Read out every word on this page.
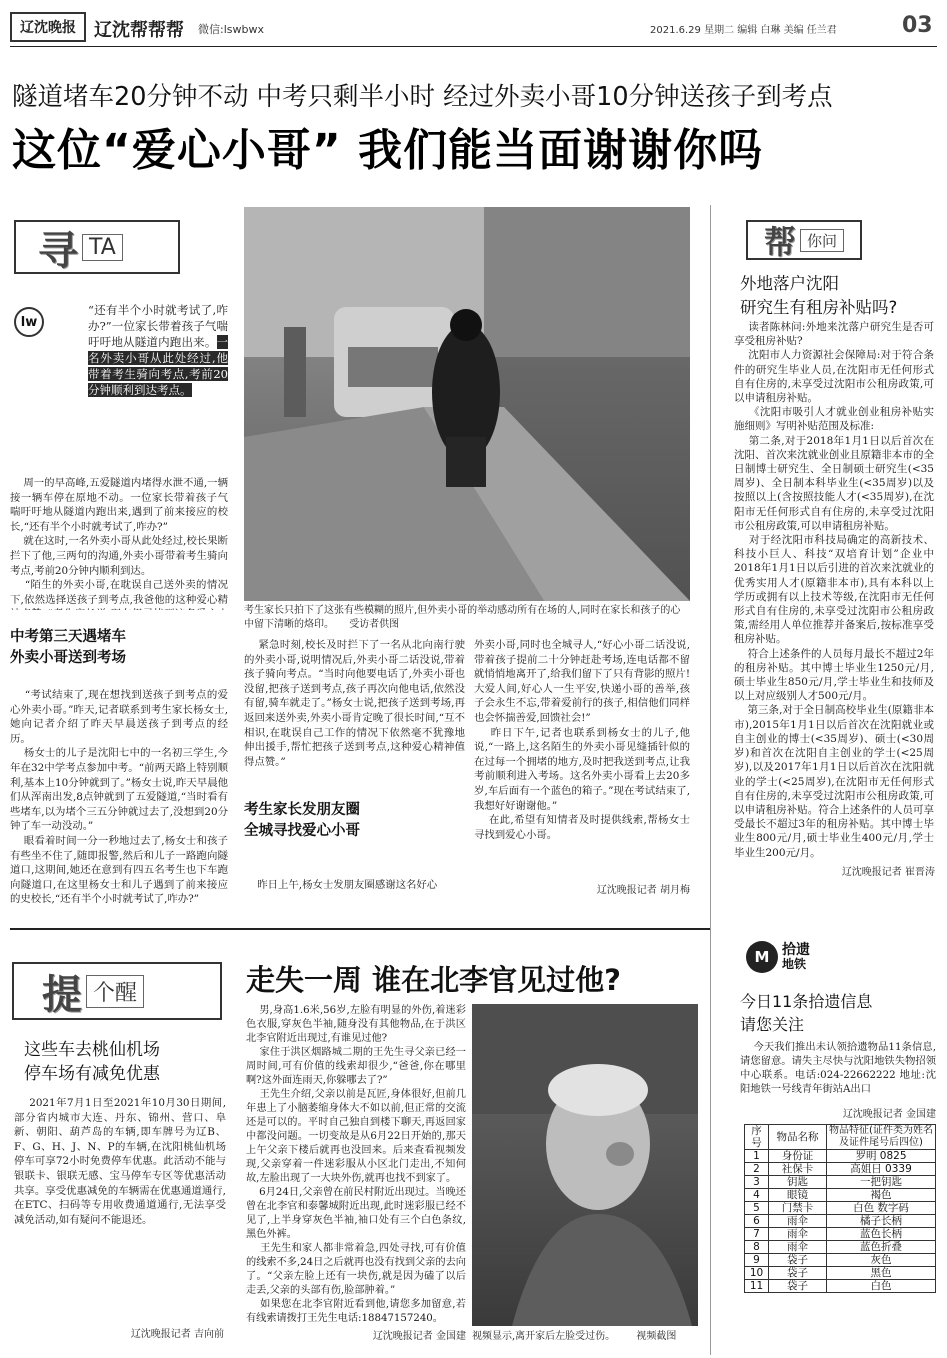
辽沈晚报 辽沈帮帮帮 微信:lswbwx	2021.6.29 星期二 编辑 白琳 美编 任兰君	03
隧道堵车20分钟不动 中考只剩半小时 经过外卖小哥10分钟送孩子到考点
这位“爱心小哥” 我们能当面谢谢你吗
寻 TA
lw
“还有半个小时就考试了,咋办?”一位家长带着孩子气喘吁吁地从隧道内跑出来。一名外卖小哥从此处经过,他带着考生骑向考点,考前20分钟顺利到达考点。
周一的早高峰,五爱隧道内堵得水泄不通,一辆接一辆车停在原地不动。一位家长带着孩子气喘吁吁地从隧道内跑出来,遇到了前来接应的校长,“还有半个小时就考试了,咋办?”
就在这时,一名外卖小哥从此处经过,校长果断拦下了他,三两句的沟通,外卖小哥带着考生骑向考点,考前20分钟内顺利到达。
“陌生的外卖小哥,在耽误自己送外卖的情况下,依然选择送孩子到考点,我爸他的这种爱心精
中考第三天遇堵车
外卖小哥送到考场
“考试结束了,现在想找到送孩子到考点的爱心外卖小哥。”昨天,记者联系到考生家长杨女士,她向记者介绍了昨天早晨送孩子到考点的经历。
杨女士的儿子是沈阳七中的一名初三学生,今年在32中学考点参加中考。“前两天路上特别顺利,基本上10分钟就到了。”杨女士说,昨天早晨他们从浑南出发,8点钟就到了五爱隧道,“当时看有些堵车,以为堵个三五分钟就过去了,没想到20分钟了车一动没动。”
眼看着时间一分一秒地过去了,杨女士和孩子有些坐不住了,随即报警,然后和儿子一路跑向隧道口,这期间,她还在意到有四五名考生也下车跑向隧道口,在这里杨女士和儿子遇到了前来接应的史校长,“还有半个小时就考试了,咋办?”
考生家长只拍下了这张有些模糊的照片,但外卖小哥的举动感动所有在场的人,同时在家长和孩子的心中留下清晰的烙印。 受访者供图
紧急时刻,校长及时拦下了一名从北向南行驶的外卖小哥,说明情况后,外卖小哥二话没说,带着孩子骑向考点。“当时向他要电话了,外卖小哥也没留,把孩子送到考点,孩子再次向他电话,依然没有留,骑车就走了。”杨女士说,把孩子送到考场,再返回来送外卖,外卖小哥肯定晚了很长时间,“互不相识,在耽误自己工作的情况下依然毫不犹豫地伸出援手,帮忙把孩子送到考点,这种爱心精神值得点赞。”
考生家长发朋友圈
全城寻找爱心小哥
昨日上午,杨女士发朋友圈感谢这名好心
外卖小哥,同时也全城寻人,“好心小哥二话没说,带着孩子提前二十分钟赶赴考场,连电话都不留就悄悄地离开了,给我们留下了只有背影的照片!大爱人间,好心人一生平安,快递小哥的善举,孩子会永生不忘,带着爱前行的孩子,相信他们同样也会怀揣善爱,回馈社会!”
昨日下午,记者也联系到杨女士的儿子,他说,“一路上,这名陌生的外卖小哥见缝插针似的在过每一个拥堵的地方,及时把我送到考点,让我考前顺利进入考场。这名外卖小哥看上去20多岁,车后面有一个蓝色的箱子。”现在考试结束了,我想好好谢谢他。”
在此,希望有知情者及时提供线索,帮杨女士寻找到爱心小哥。
辽沈晚报记者 胡月梅
帮 你问
外地落户沈阳
研究生有租房补贴吗?
读者陈林问:外地来沈落户研究生是否可享受租房补贴?
沈阳市人力资源社会保障局:对于符合条件的研究生毕业人员,在沈阳市无任何形式自有住房的,未享受过沈阳市公租房政策,可以申请租房补贴。
《沈阳市吸引人才就业创业租房补贴实施细则》写明补贴范围及标准:
第二条,对于2018年1月1日以后首次在沈阳、首次来沈就业创业且原籍非本市的全日制博士研究生、全日制硕士研究生(<35周岁)、全日制本科毕业生(<35周岁)以及按照以上(含按照技能人才(<35周岁),在沈阳市无任何形式自有住房的,未享受过沈阳市公租房政策,可以申请租房补贴。
对于经沈阳市科技局确定的高新技术、科技小巨人、科技“双培育计划”企业中2018年1月1日以后引进的首次来沈就业的优秀实用人才(原籍非本市),具有本科以上学历或拥有以上技术等级,在沈阳市无任何形式自有住房的,未享受过沈阳市公租房政策,需经用人单位推荐并备案后,按标准享受租房补贴。
符合上述条件的人员每月最长不超过2年的租房补贴。其中博士毕业生1250元/月,硕士毕业生850元/月,学士毕业生和技师及以上对应级别人才500元/月。
第三条,对于全日制高校毕业生(原籍非本市),2015年1月1日以后首次在沈阳就业或自主创业的博士(<35周岁)、硕士(<30周岁)和首次在沈阳自主创业的学士(<25周岁),以及2017年1月1日以后首次在沈阳就业的学士(<25周岁),在沈阳市无任何形式自有住房的,未享受过沈阳市公租房政策,可以申请租房补贴。符合上述条件的人员可享受最长不超过3年的租房补贴。其中博士毕业生800元/月,硕士毕业生400元/月,学士毕业生200元/月。
辽沈晚报记者 崔晋涛
提 个醒
这些车去桃仙机场
停车场有减免优惠
2021年7月1日至2021年10月30日期间,部分省内城市大连、丹东、锦州、营口、阜新、朝阳、葫芦岛的车辆,即车牌号为辽B、F、G、H、J、N、P的车辆,在沈阳桃仙机场停车可享72小时免费停车优惠。此活动不能与银联卡、银联无感、宝马停车专区等优惠活动共享。享受优惠减免的车辆需在优惠通道通行,在ETC、扫码等专用收费通道通行,无法享受减免活动,如有疑问不能退还。
辽沈晚报记者 吉向前
走失一周 谁在北李官见过他?
男,身高1.6米,56岁,左脸有明显的外伤,着迷彩色衣服,穿灰色半袖,随身没有其他物品,在于洪区北李官附近出现过,有谁见过他?
家住于洪区烟路城二期的王先生寻父亲已经一周时间,可有价值的线索却很少,“爸爸,你在哪里啊?这外面连雨天,你躲哪去了?”
王先生介绍,父亲以前是瓦匠,身体很好,但前几年患上了小脑萎缩身体大不如以前,但正常的交流还是可以的。平时自己独自到楼下聊天,再返回家中都没问题。一切变故是从6月22日开始的,那天上午父亲下楼后就再也没回来。后来查看视频发现,父亲穿着一件迷彩服从小区北门走出,不知何故,左脸出现了一大块外伤,就再也找不到家了。
6月24日,父亲曾在前民村附近出现过。当晚还曾在北李官和泰馨城附近出现,此时迷彩服已经不见了,上半身穿灰色半袖,袖口处有三个白色条纹,黑色外裤。
王先生和家人都非常着急,四处寻找,可有价值的线索不多,24日之后就再也没有找到父亲的去向了。“父亲左脸上还有一块伤,就是因为磕了以后走丢,父亲的头部有伤,脸部肿着。”
如果您在北李官附近看到他,请您多加留意,若有线索请拨打王先生电话:18847157240。
辽沈晚报记者 金国建 视频显示,离开家后左脸受过伤。 视频截图
M 拾遗
地铁
今日11条拾遗信息
请您关注
今天我们推出未认领拾遗物品11条信息,请您留意。请失主尽快与沈阳地铁失物招领中心联系。电话:024-22662222 地址:沈阳地铁一号线青年街站A出口
辽沈晚报记者 金国建
序号	物品名称	物品特征(证件类为姓名及证件尾号后四位)
1	身份证	罗明 0825
2	社保卡	高姐日 0339
3	钥匙	一把钥匙
4	眼镜	褐色
5	门禁卡	白色 数字码
6	雨伞	橘子长柄
7	雨伞	蓝色长柄
8	雨伞	蓝色折叠
9	袋子	灰色
10	袋子	黑色
11	袋子	白色
